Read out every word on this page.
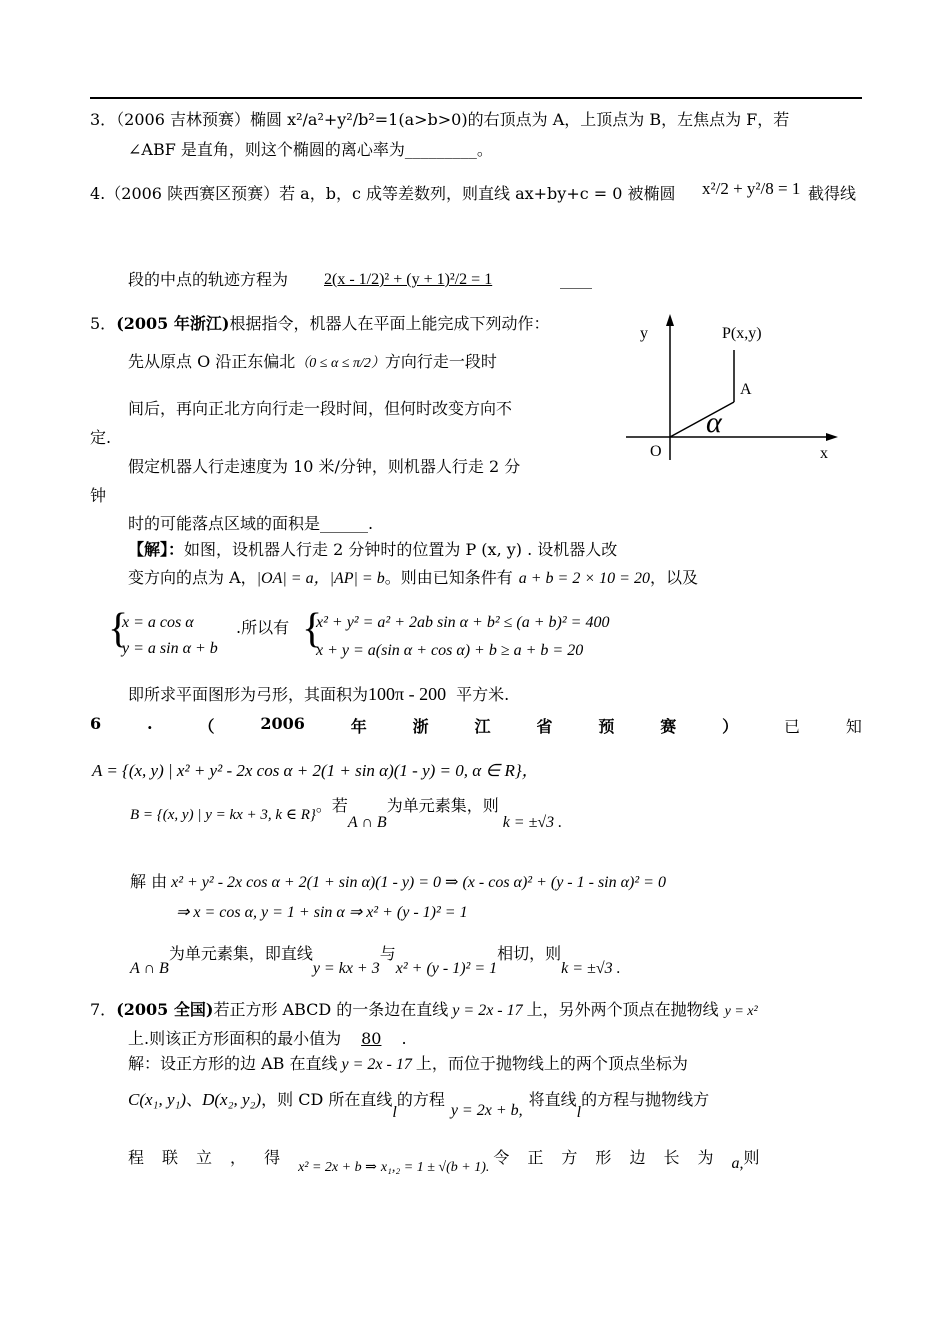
3．（2006 吉林预赛）椭圆 x²/a²+y²/b²=1(a>b>0)的右顶点为 A，上顶点为 B，左焦点为 F，若
∠ABF 是直角，则这个椭圆的离心率为_________。
4.（2006 陕西赛区预赛）若 a，b，c 成等差数列，则直线 ax+by+c = 0 被椭圆 x²/2 + y²/8 = 1 截得线
段的中点的轨迹方程为 2(x - 1/2)² + (y + 1)²/2 = 1	____
5．(2005 年浙江)根据指令，机器人在平面上能完成下列动作：
先从原点 O 沿正东偏北（0 ≤ α ≤ π/2）方向行走一段时
间后，再向正北方向行走一段时间，但何时改变方向不
定.
假定机器人行走速度为 10 米/分钟，则机器人行走 2 分
钟
时的可能落点区域的面积是______.
y	P(x,y)
A
α
O	x
【解】：如图，设机器人行走 2 分钟时的位置为 P (x, y) . 设机器人改
变方向的点为 A，|OA| = a，|AP| = b。则由已知条件有 a + b = 2 × 10 = 20，以及
{
x = a cos α
y = a sin α + b
.所以有 {
x² + y² = a² + 2ab sin α + b² ≤ (a + b)² = 400
x + y = a(sin α + cos α) + b ≥ a + b = 20
即所求平面图形为弓形，其面积为100π - 200 平方米.
6	.	（	2006	年	浙	江	省	预	赛	）	已	知
A = {(x, y) | x² + y² - 2x cos α + 2(1 + sin α)(1 - y) = 0, α ∈ R}，
B = {(x, y) | y = kx + 3, k ∈ R}。若A ∩ B为单元素集，则k = ±√3 .
解 由 x² + y² - 2x cos α + 2(1 + sin α)(1 - y) = 0 ⇒ (x - cos α)² + (y - 1 - sin α)² = 0
⇒ x = cos α, y = 1 + sin α ⇒ x² + (y - 1)² = 1
A ∩ B为单元素集，即直线y = kx + 3与x² + (y - 1)² = 1相切，则k = ±√3 .
7．(2005 全国)若正方形 ABCD 的一条边在直线 y = 2x - 17 上，另外两个顶点在抛物线 y = x²
上.则该正方形面积的最小值为 80 .
解：设正方形的边 AB 在直线 y = 2x - 17 上，而位于抛物线上的两个顶点坐标为
C(x₁, y₁)、D(x₂, y₂)，则 CD 所在直线l的方程y = 2x + b,将直线l的方程与抛物线方
程 联 立 ， 得
x² = 2x + b ⇒ x₁,₂ = 1 ± √(b + 1).
令 正 方 形 边 长 为 a, 则
